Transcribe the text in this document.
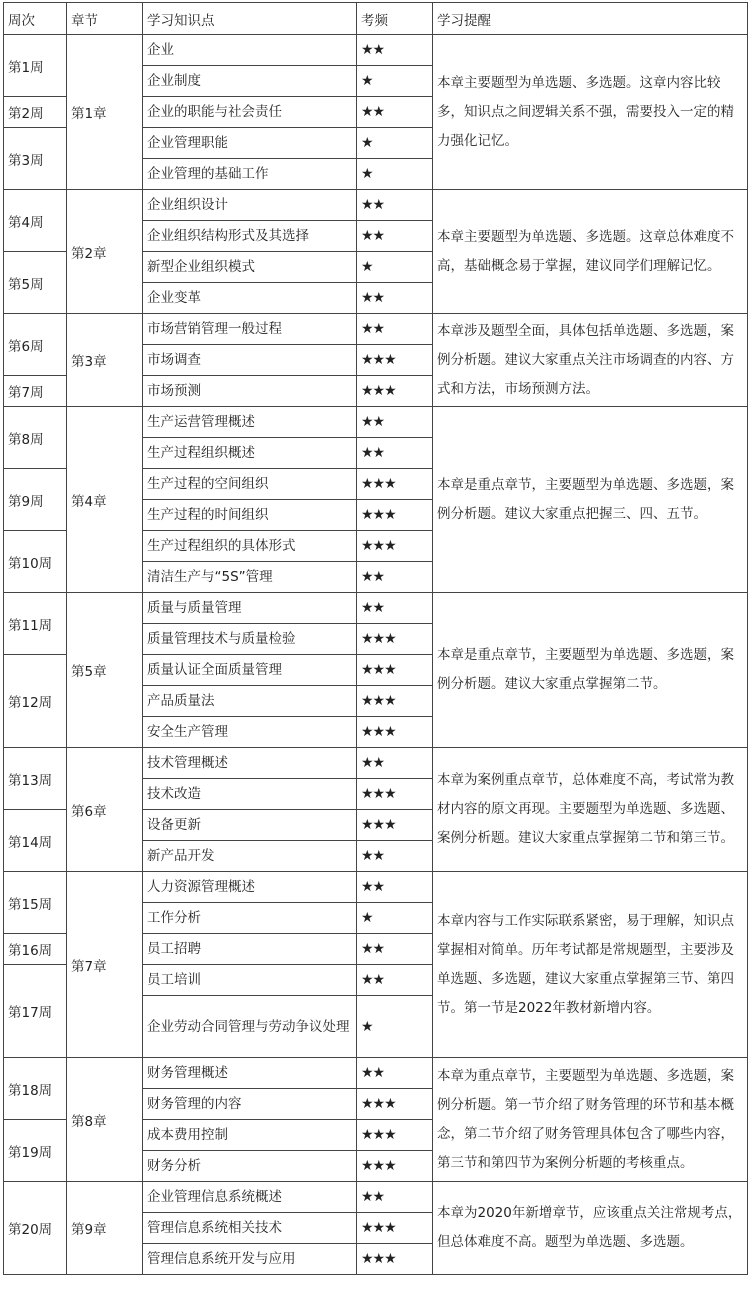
周次	章节	学习知识点	考频	学习提醒
第1周	第1章	企业	★★	本章主要题型为单选题、多选题。这章内容比较多，知识点之间逻辑关系不强，需要投入一定的精力强化记忆。
		企业制度	★	
第2周		企业的职能与社会责任	★★	
第3周		企业管理职能	★	
		企业管理的基础工作	★	
第4周	第2章	企业组织设计	★★	本章主要题型为单选题、多选题。这章总体难度不高，基础概念易于掌握，建议同学们理解记忆。
		企业组织结构形式及其选择	★★	
第5周		新型企业组织模式	★	
		企业变革	★★	
第6周	第3章	市场营销管理一般过程	★★	本章涉及题型全面，具体包括单选题、多选题，案例分析题。建议大家重点关注市场调查的内容、方式和方法，市场预测方法。
		市场调查	★★★	
第7周		市场预测	★★★	
第8周	第4章	生产运营管理概述	★★	本章是重点章节，主要题型为单选题、多选题，案例分析题。建议大家重点把握三、四、五节。
		生产过程组织概述	★★	
第9周		生产过程的空间组织	★★★	
		生产过程的时间组织	★★★	
第10周		生产过程组织的具体形式	★★★	
		清洁生产与“5S”管理	★★	
第11周	第5章	质量与质量管理	★★	本章是重点章节，主要题型为单选题、多选题，案例分析题。建议大家重点掌握第二节。
		质量管理技术与质量检验	★★★	
第12周		质量认证全面质量管理	★★★	
		产品质量法	★★★	
		安全生产管理	★★★	
第13周	第6章	技术管理概述	★★	本章为案例重点章节，总体难度不高，考试常为教材内容的原文再现。主要题型为单选题、多选题、案例分析题。建议大家重点掌握第二节和第三节。
		技术改造	★★★	
第14周		设备更新	★★★	
		新产品开发	★★	
第15周	第7章	人力资源管理概述	★★	本章内容与工作实际联系紧密，易于理解，知识点掌握相对简单。历年考试都是常规题型，主要涉及单选题、多选题，建议大家重点掌握第三节、第四节。第一节是2022年教材新增内容。
		工作分析	★	
第16周		员工招聘	★★	
第17周		员工培训	★★	
		企业劳动合同管理与劳动争议处理	★	
第18周	第8章	财务管理概述	★★	本章为重点章节，主要题型为单选题、多选题，案例分析题。第一节介绍了财务管理的环节和基本概念，第二节介绍了财务管理具体包含了哪些内容，第三节和第四节为案例分析题的考核重点。
		财务管理的内容	★★★	
第19周		成本费用控制	★★★	
		财务分析	★★★	
第20周	第9章	企业管理信息系统概述	★★	本章为2020年新增章节，应该重点关注常规考点，但总体难度不高。题型为单选题、多选题。
		管理信息系统相关技术	★★★	
		管理信息系统开发与应用	★★★	
